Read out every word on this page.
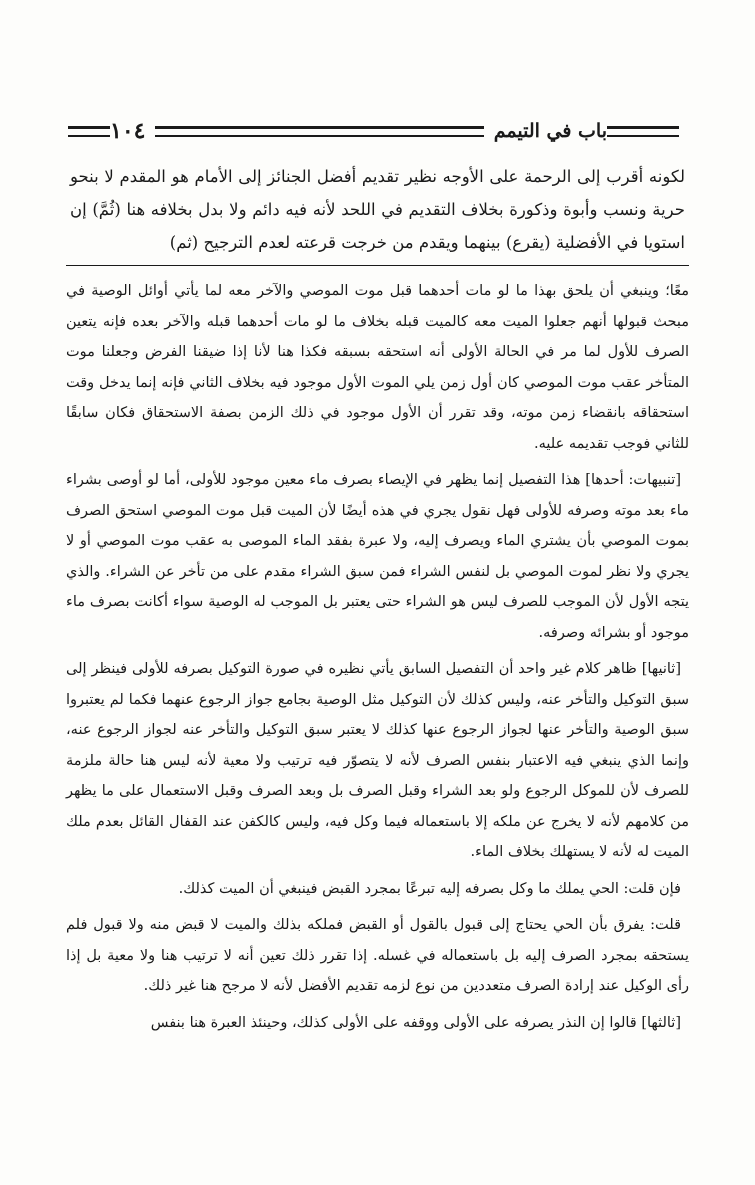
باب في التيمم
١٠٤

لكونه أقرب إلى الرحمة على الأوجه نظير تقديم أفضل الجنائز إلى الأمام هو المقدم لا بنحو حرية ونسب وأبوة وذكورة بخلاف التقديم في اللحد لأنه فيه دائم ولا بدل بخلافه هنا (ثُمَّ) إن استويا في الأفضلية (يقرع) بينهما ويقدم من خرجت قرعته لعدم الترجيح (ثم)

معًا؛ وينبغي أن يلحق بهذا ما لو مات أحدهما قبل موت الموصي والآخر معه لما يأتي أوائل الوصية في مبحث قبولها أنهم جعلوا الميت معه كالميت قبله بخلاف ما لو مات أحدهما قبله والآخر بعده فإنه يتعين الصرف للأول لما مر في الحالة الأولى أنه استحقه بسبقه فكذا هنا لأنا إذا ضيقنا الفرض وجعلنا موت المتأخر عقب موت الموصي كان أول زمن يلي الموت الأول موجود فيه بخلاف الثاني فإنه إنما يدخل وقت استحقاقه بانقضاء زمن موته، وقد تقرر أن الأول موجود في ذلك الزمن بصفة الاستحقاق فكان سابقًا للثاني فوجب تقديمه عليه.

[تنبيهات: أحدها] هذا التفصيل إنما يظهر في الإيصاء بصرف ماء معين موجود للأولى، أما لو أوصى بشراء ماء بعد موته وصرفه للأولى فهل نقول يجري في هذه أيضًا لأن الميت قبل موت الموصي استحق الصرف بموت الموصي بأن يشتري الماء ويصرف إليه، ولا عبرة بفقد الماء الموصى به عقب موت الموصي أو لا يجري ولا نظر لموت الموصي بل لنفس الشراء فمن سبق الشراء مقدم على من تأخر عن الشراء. والذي يتجه الأول لأن الموجب للصرف ليس هو الشراء حتى يعتبر بل الموجب له الوصية سواء أكانت بصرف ماء موجود أو بشرائه وصرفه.

[ثانيها] ظاهر كلام غير واحد أن التفصيل السابق يأتي نظيره في صورة التوكيل بصرفه للأولى فينظر إلى سبق التوكيل والتأخر عنه، وليس كذلك لأن التوكيل مثل الوصية بجامع جواز الرجوع عنهما فكما لم يعتبروا سبق الوصية والتأخر عنها لجواز الرجوع عنها كذلك لا يعتبر سبق التوكيل والتأخر عنه لجواز الرجوع عنه، وإنما الذي ينبغي فيه الاعتبار بنفس الصرف لأنه لا يتصوّر فيه ترتيب ولا معية لأنه ليس هنا حالة ملزمة للصرف لأن للموكل الرجوع ولو بعد الشراء وقبل الصرف بل وبعد الصرف وقبل الاستعمال على ما يظهر من كلامهم لأنه لا يخرج عن ملكه إلا باستعماله فيما وكل فيه، وليس كالكفن عند القفال القائل بعدم ملك الميت له لأنه لا يستهلك بخلاف الماء.

فإن قلت: الحي يملك ما وكل بصرفه إليه تبرعًا بمجرد القبض فينبغي أن الميت كذلك.

قلت: يفرق بأن الحي يحتاج إلى قبول بالقول أو القبض فملكه بذلك والميت لا قبض منه ولا قبول فلم يستحقه بمجرد الصرف إليه بل باستعماله في غسله. إذا تقرر ذلك تعين أنه لا ترتيب هنا ولا معية بل إذا رأى الوكيل عند إرادة الصرف متعددين من نوع لزمه تقديم الأفضل لأنه لا مرجح هنا غير ذلك.

[ثالثها] قالوا إن النذر يصرفه على الأولى ووقفه على الأولى كذلك، وحينئذ العبرة هنا بنفس
